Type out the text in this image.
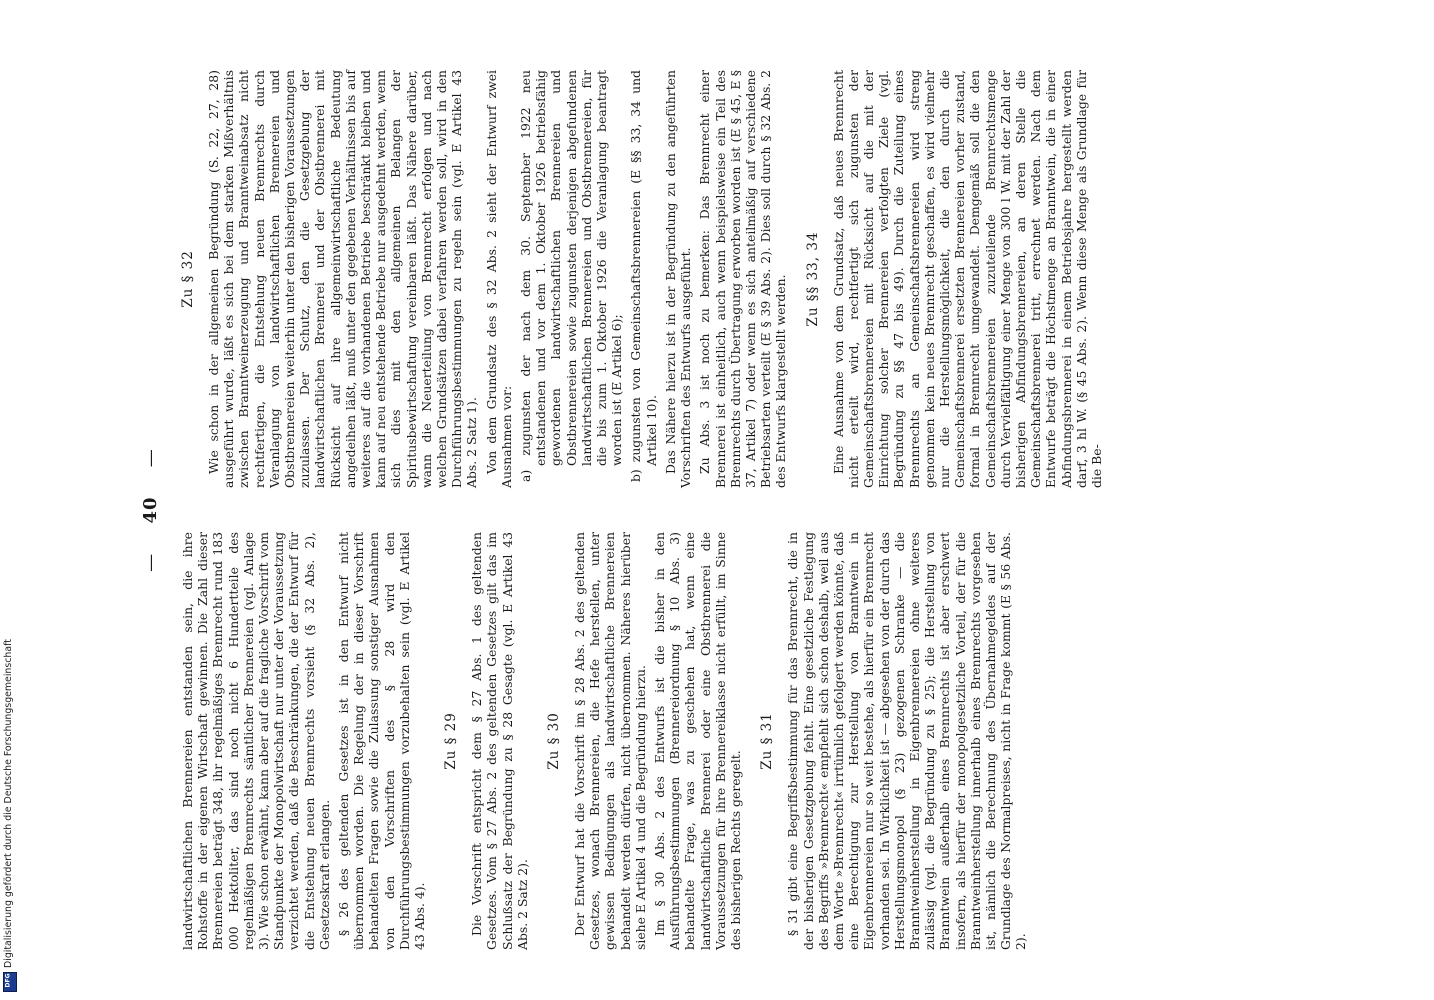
— 40 —

landwirtschaftlichen Brennereien entstanden sein, die ihre Rohstoffe in der eigenen Wirtschaft gewinnen. Die Zahl dieser Brennereien beträgt 348, ihr regelmäßiges Brennrecht rund 183 000 Hektoliter, das sind noch nicht 6 Hundertteile des regelmäßigen Brennrechts sämtlicher Brennereien (vgl. Anlage 3). Wie schon erwähnt, kann aber auf die fragliche Vorschrift vom Standpunkte der Monopolwirtschaft nur unter der Voraussetzung verzichtet werden, daß die Beschränkungen, die der Entwurf für die Entstehung neuen Brennrechts vorsieht (§ 32 Abs. 2), Gesetzeskraft erlangen. § 26 des geltenden Gesetzes ist in den Entwurf nicht übernommen worden. Die Regelung der in dieser Vorschrift behandelten Fragen sowie die Zulassung sonstiger Ausnahmen von den Vorschriften des § 28 wird den Durchführungsbestimmungen vorzubehalten sein (vgl. E Artikel 43 Abs. 4).

Zu § 29 Die Vorschrift entspricht dem § 27 Abs. 1 des geltenden Gesetzes. Vom § 27 Abs. 2 des geltenden Gesetzes gilt das im Schlußsatz der Begründung zu § 28 Gesagte (vgl. E Artikel 43 Abs. 2 Satz 2).

Zu § 30 Der Entwurf hat die Vorschrift im § 28 Abs. 2 des geltenden Gesetzes, wonach Brennereien, die Hefe herstellen, unter gewissen Bedingungen als landwirtschaftliche Brennereien behandelt werden dürfen, nicht übernommen. Näheres hierüber siehe E Artikel 4 und die Begründung hierzu. Im § 30 Abs. 2 des Entwurfs ist die bisher in den Ausführungsbestimmungen (Brennereiordnung § 10 Abs. 3) behandelte Frage, was zu geschehen hat, wenn eine landwirtschaftliche Brennerei oder eine Obstbrennerei die Voraussetzungen für ihre Brennereiklasse nicht erfüllt, im Sinne des bisherigen Rechts geregelt.

Zu § 31 § 31 gibt eine Begriffsbestimmung für das Brennrecht, die in der bisherigen Gesetzgebung fehlt. Eine gesetzliche Festlegung des Begriffs »Brennrecht« empfiehlt sich schon deshalb, weil aus dem Worte »Brennrecht« irrtümlich gefolgert werden könnte, daß eine Berechtigung zur Herstellung von Branntwein in Eigenbrennereien nur so weit bestehe, als hierfür ein Brennrecht vorhanden sei. In Wirklichkeit ist — abgesehen von der durch das Herstellungsmonopol (§ 23) gezogenen Schranke — die Branntweinherstellung in Eigenbrennereien ohne weiteres zulässig (vgl. die Begründung zu § 25); die Herstellung von Branntwein außerhalb eines Brennrechts ist aber erschwert insofern, als hierfür der monopolgesetzliche Vorteil, der für die Branntweinherstellung innerhalb eines Brennrechts vorgesehen ist, nämlich die Berechnung des Übernahmegeldes auf der Grundlage des Normalpreises, nicht in Frage kommt (E § 56 Abs. 2).

Zu § 32 Wie schon in der allgemeinen Begründung (S. 22, 27, 28) ausgeführt wurde, läßt es sich bei dem starken Mißverhältnis zwischen Branntweinerzeugung und Branntweinabsatz nicht rechtfertigen, die Entstehung neuen Brennrechts durch Veranlagung von landwirtschaftlichen Brennereien und Obstbrennereien weiterhin unter den bisherigen Voraussetzungen zuzulassen. Der Schutz, den die Gesetzgebung der landwirtschaftlichen Brennerei und der Obstbrennerei mit Rücksicht auf ihre allgemeinwirtschaftliche Bedeutung angedeihen läßt, muß unter den gegebenen Verhältnissen bis auf weiteres auf die vorhandenen Betriebe beschränkt bleiben und kann auf neu entstehende Betriebe nur ausgedehnt werden, wenn sich dies mit den allgemeinen Belangen der Spiritusbewirtschaftung vereinbaren läßt. Das Nähere darüber, wann die Neuerteilung von Brennrecht erfolgen und nach welchen Grundsätzen dabei verfahren werden soll, wird in den Durchführungsbestimmungen zu regeln sein (vgl. E Artikel 43 Abs. 2 Satz 1). Von dem Grundsatz des § 32 Abs. 2 sieht der Entwurf zwei Ausnahmen vor: a) zugunsten der nach dem 30. September 1922 neu entstandenen und vor dem 1. Oktober 1926 betriebsfähig gewordenen landwirtschaftlichen Brennereien und Obstbrennereien sowie zugunsten derjenigen abgefundenen landwirtschaftlichen Brennereien und Obstbrennereien, für die bis zum 1. Oktober 1926 die Veranlagung beantragt worden ist (E Artikel 6); b) zugunsten von Gemeinschaftsbrennereien (E §§ 33, 34 und Artikel 10). Das Nähere hierzu ist in der Begründung zu den angeführten Vorschriften des Entwurfs ausgeführt. Zu Abs. 3 ist noch zu bemerken: Das Brennrecht einer Brennerei ist einheitlich, auch wenn beispielsweise ein Teil des Brennrechts durch Übertragung erworben worden ist (E § 45, E § 37, Artikel 7) oder wenn es sich anteilmäßig auf verschiedene Betriebsarten verteilt (E § 39 Abs. 2). Dies soll durch § 32 Abs. 2 des Entwurfs klargestellt werden. Zu §§ 33, 34 Eine Ausnahme von dem Grundsatz, daß neues Brennrecht nicht erteilt wird, rechtfertigt sich zugunsten der Gemeinschaftsbrennereien mit Rücksicht auf die mit der Einrichtung solcher Brennereien verfolgten Ziele (vgl. Begründung zu §§ 47 bis 49). Durch die Zuteilung eines Brennrechts an Gemeinschaftsbrennereien wird streng genommen kein neues Brennrecht geschaffen, es wird vielmehr nur die Herstellungsmöglichkeit, die den durch die Gemeinschaftsbrennerei ersetzten Brennereien vorher zustand, formal in Brennrecht umgewandelt. Demgemäß soll die den Gemeinschaftsbrennereien zuzuteilende Brennrechtsmenge durch Vervielfältigung einer Menge von 300 l W. mit der Zahl der bisherigen Abfindungsbrennereien, an deren Stelle die Gemeinschaftsbrennerei tritt, errechnet werden. Nach dem Entwurfe beträgt die Höchstmenge an Branntwein, die in einer Abfindungsbrennerei in einem Betriebsjahre hergestellt werden darf, 3 hl W. (§ 45 Abs. 2). Wenn diese Menge als Grundlage für die Be-

Digitalisierung gefördert durch die Deutsche Forschungsgemeinschaft
DFG
